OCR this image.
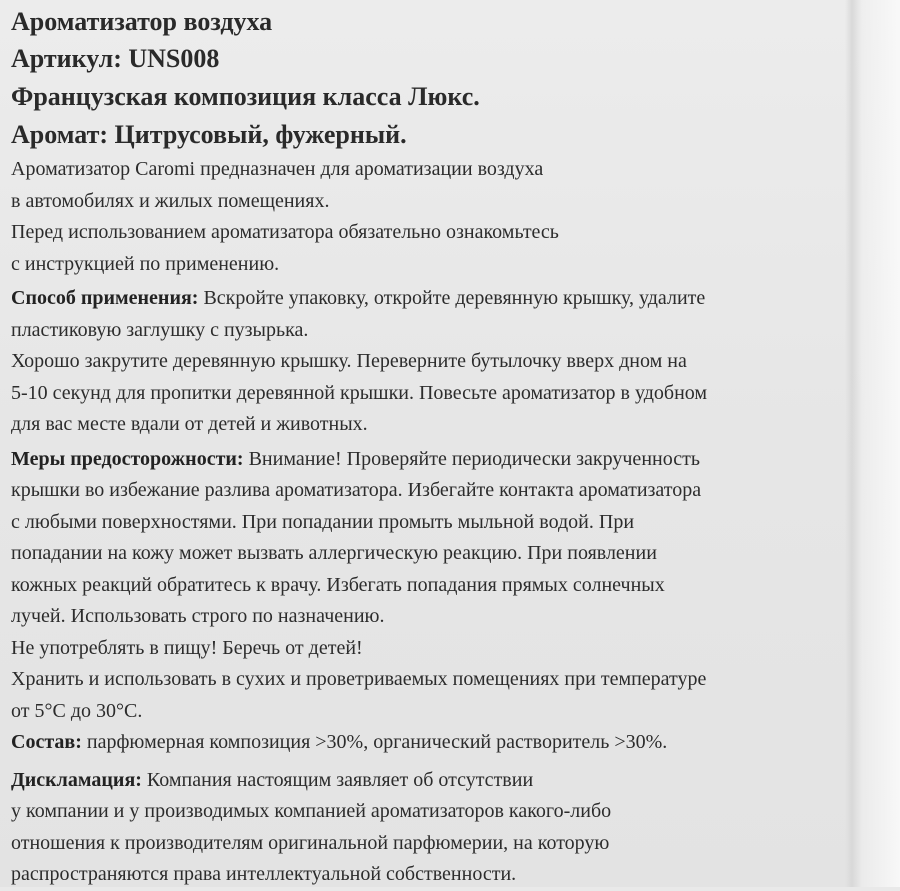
Ароматизатор воздуха
Артикул: UNS008
Французская композиция класса Люкс.
Аромат: Цитрусовый, фужерный.
Ароматизатор Caromi предназначен для ароматизации воздуха
в автомобилях и жилых помещениях.
Перед использованием ароматизатора обязательно ознакомьтесь
с инструкцией по применению.
Способ применения: Вскройте упаковку, откройте деревянную крышку, удалите
пластиковую заглушку с пузырька.
Хорошо закрутите деревянную крышку. Переверните бутылочку вверх дном на
5-10 секунд для пропитки деревянной крышки. Повесьте ароматизатор в удобном
для вас месте вдали от детей и животных.
Меры предосторожности: Внимание! Проверяйте периодически закрученность
крышки во избежание разлива ароматизатора. Избегайте контакта ароматизатора
с любыми поверхностями. При попадании промыть мыльной водой. При
попадании на кожу может вызвать аллергическую реакцию. При появлении
кожных реакций обратитесь к врачу. Избегать попадания прямых солнечных
лучей. Использовать строго по назначению.
Не употреблять в пищу! Беречь от детей!
Хранить и использовать в сухих и проветриваемых помещениях при температуре
от 5°С до 30°С.
Состав: парфюмерная композиция >30%, органический растворитель >30%.
Дискламация: Компания настоящим заявляет об отсутствии
у компании и у производимых компанией ароматизаторов какого-либо
отношения к производителям оригинальной парфюмерии, на которую
распространяются права интеллектуальной собственности.
